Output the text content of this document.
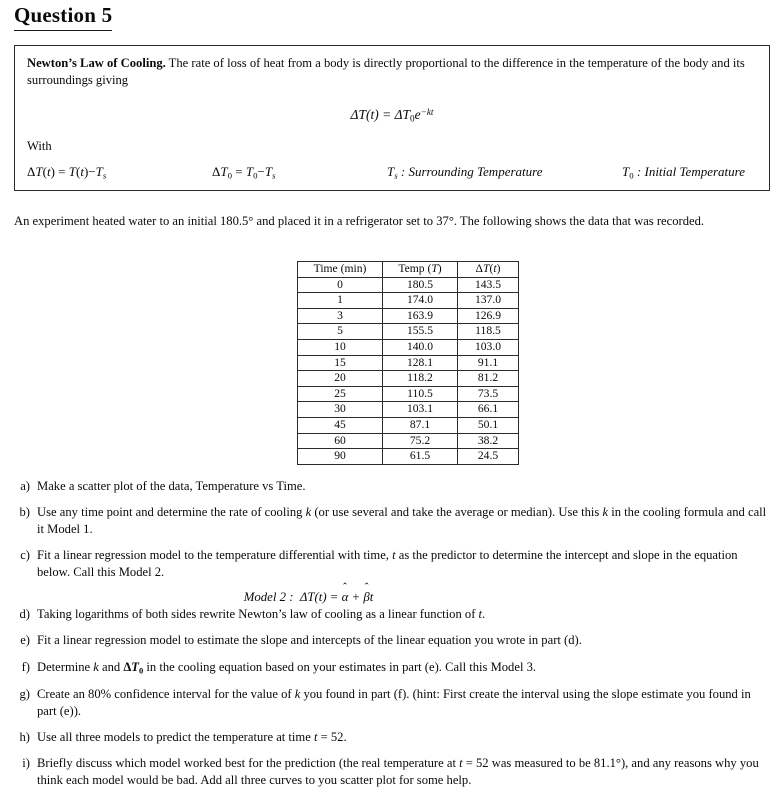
Question 5
Newton’s Law of Cooling. The rate of loss of heat from a body is directly proportional to the difference in the temperature of the body and its surroundings giving
$\Delta T(t) = \Delta T_0e^{-kt}$
With
$\Delta T(t) = T(t)-T_s$	$\Delta T_0 = T_0-T_s$	$T_s$ : Surrounding Temperature	$T_0$ : Initial Temperature
An experiment heated water to an initial 180.5° and placed it in a refrigerator set to 37°. The following shows the data that was recorded.
Time (min)	Temp (T)	ΔT(t)
0	180.5	143.5
1	174.0	137.0
3	163.9	126.9
5	155.5	118.5
10	140.0	103.0
15	128.1	91.1
20	118.2	81.2
25	110.5	73.5
30	103.1	66.1
45	87.1	50.1
60	75.2	38.2
90	61.5	24.5
a) Make a scatter plot of the data, Temperature vs Time.
b) Use any time point and determine the rate of cooling k (or use several and take the average or median). Use this k in the cooling formula and call it Model 1.
c) Fit a linear regression model to the temperature differential with time, t as the predictor to determine the intercept and slope in the equation below. Call this Model 2.
Model 2 :  ΔT(t) =
α +
βt
d) Taking logarithms of both sides rewrite Newton’s law of cooling as a linear function of t.
e) Fit a linear regression model to estimate the slope and intercepts of the linear equation you wrote in part (d).
f) Determine k and $\Delta T_0$ in the cooling equation based on your estimates in part (e). Call this Model 3.
g) Create an 80% confidence interval for the value of k you found in part (f). (hint: First create the interval using the slope estimate you found in part (e)).
h) Use all three models to predict the temperature at time t = 52.
i) Briefly discuss which model worked best for the prediction (the real temperature at t = 52 was measured to be 81.1°), and any reasons why you think each model would be bad. Add all three curves to you scatter plot for some help.
